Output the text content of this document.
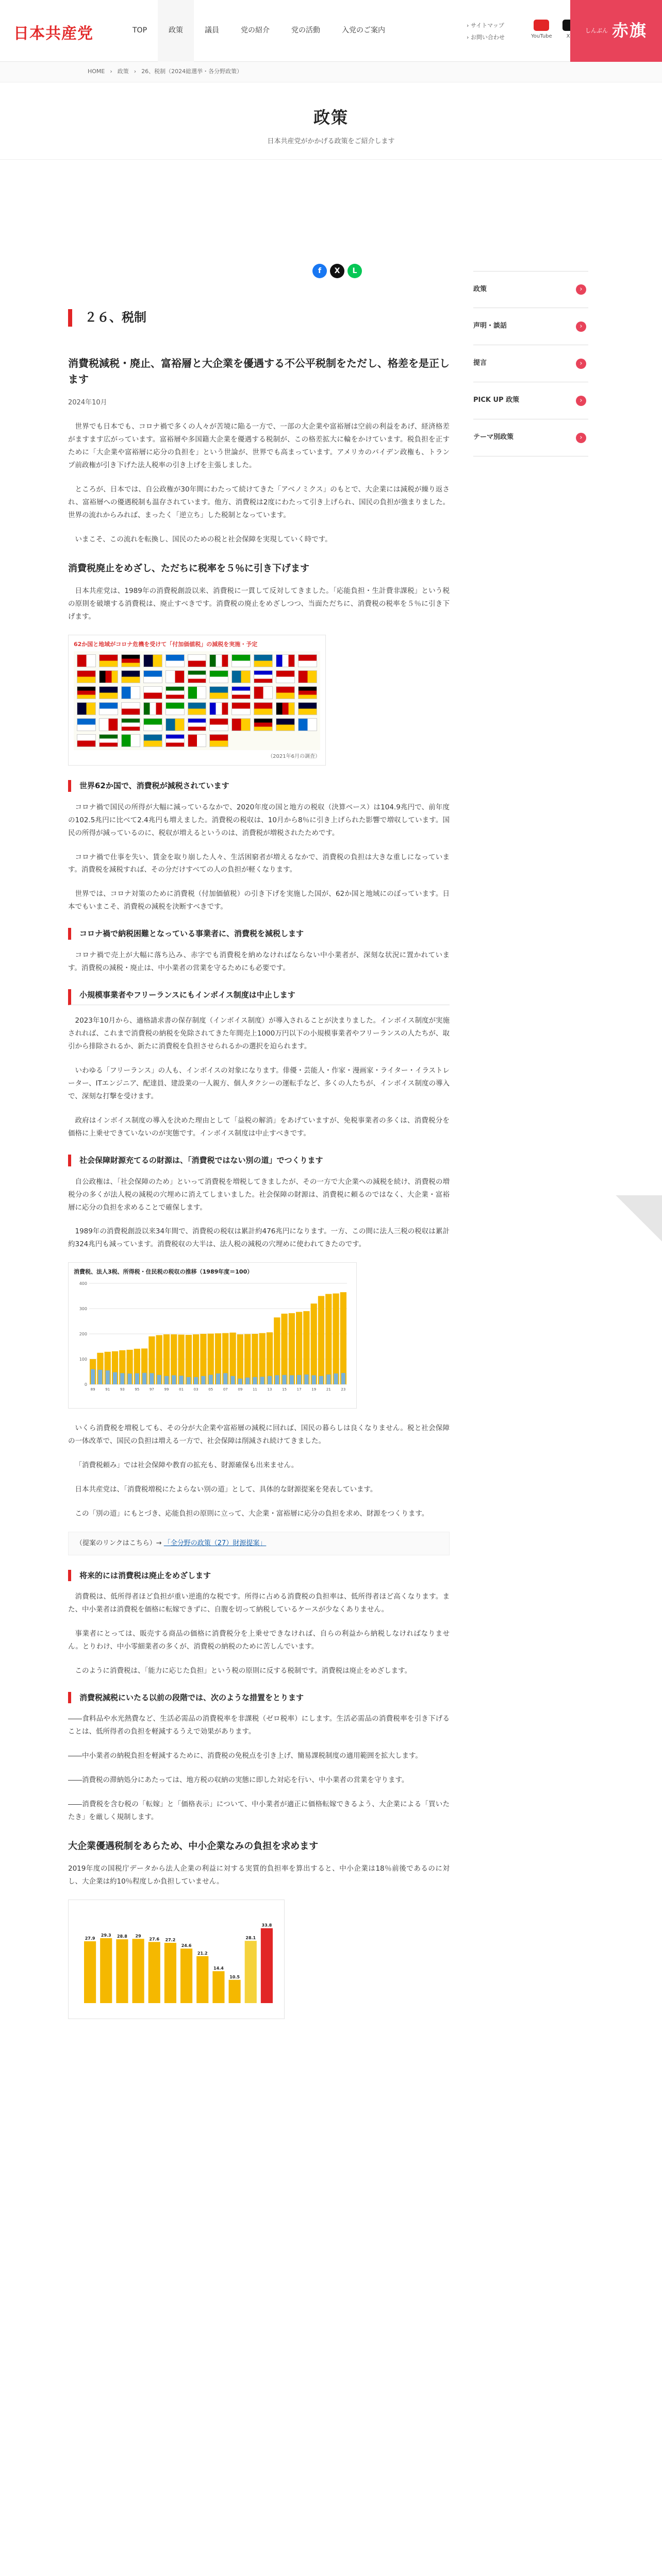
日本共産党	TOP	政策	議員	党の紹介	党の活動	入党のご案内
› サイトマップ
› お問い合わせ	YouTube	X
しんぶん 赤旗
HOME › 政策 › 26、税制（2024総選挙・各分野政策）
政策

日本共産党がかかげる政策をご紹介します

f	X	L
政策	›
声明・談話	›
提言	›
PICK UP 政策	›
テーマ別政策	›
２６、税制
消費税減税・廃止、富裕層と大企業を優遇する不公平税制をただし、格差を是正します
2024年10月

世界でも日本でも、コロナ禍で多くの人々が苦境に陥る一方で、一部の大企業や富裕層は空前の利益をあげ、経済格差がますます広がっています。富裕層や多国籍大企業を優遇する税制が、この格差拡大に輪をかけています。税負担を正すために「大企業や富裕層に応分の負担を」という世論が、世界でも高まっています。アメリカのバイデン政権も、トランプ前政権が引き下げた法人税率の引き上げを主張しました。

ところが、日本では、自公政権が30年間にわたって続けてきた「アベノミクス」のもとで、大企業には減税が繰り返され、富裕層への優遇税制も温存されています。他方、消費税は2度にわたって引き上げられ、国民の負担が強まりました。世界の流れからみれば、まったく「逆立ち」した税制となっています。

いまこそ、この流れを転換し、国民のための税と社会保障を実現していく時です。

消費税廃止をめざし、ただちに税率を５％に引き下げます

日本共産党は、1989年の消費税創設以来、消費税に一貫して反対してきました。「応能負担・生計費非課税」という税の原則を破壊する消費税は、廃止すべきです。消費税の廃止をめざしつつ、当面ただちに、消費税の税率を５％に引き下げます。

62か国と地域がコロナ危機を受けて「付加価値税」の減税を実施・予定
（2021年6月の調査）
世界62か国で、消費税が減税されています

コロナ禍で国民の所得が大幅に減っているなかで、2020年度の国と地方の税収（決算ベース）は104.9兆円で、前年度の102.5兆円に比べて2.4兆円も増えました。消費税の税収は、10月から8％に引き上げられた影響で増収しています。国民の所得が減っているのに、税収が増えるというのは、消費税が増税されたためです。

コロナ禍で仕事を失い、賃金を取り崩した人々、生活困窮者が増えるなかで、消費税の負担は大きな重しになっています。消費税を減税すれば、その分だけすべての人の負担が軽くなります。

世界では、コロナ対策のために消費税（付加価値税）の引き下げを実施した国が、62か国と地域にのぼっています。日本でもいまこそ、消費税の減税を決断すべきです。

コロナ禍で納税困難となっている事業者に、消費税を減税します

コロナ禍で売上が大幅に落ち込み、赤字でも消費税を納めなければならない中小業者が、深刻な状況に置かれています。消費税の減税・廃止は、中小業者の営業を守るためにも必要です。

小規模事業者やフリーランスにもインボイス制度は中止します

2023年10月から、適格請求書の保存制度（インボイス制度）が導入されることが決まりました。インボイス制度が実施されれば、これまで消費税の納税を免除されてきた年間売上1000万円以下の小規模事業者やフリーランスの人たちが、取引から排除されるか、新たに消費税を負担させられるかの選択を迫られます。

いわゆる「フリーランス」の人も、インボイスの対象になります。俳優・芸能人・作家・漫画家・ライター・イラストレーター、ITエンジニア、配達員、建設業の一人親方、個人タクシーの運転手など、多くの人たちが、インボイス制度の導入で、深刻な打撃を受けます。

政府はインボイス制度の導入を決めた理由として「益税の解消」をあげていますが、免税事業者の多くは、消費税分を価格に上乗せできていないのが実態です。インボイス制度は中止すべきです。

社会保障財源充てるの財源は、「消費税ではない別の道」でつくります

自公政権は、「社会保障のため」といって消費税を増税してきましたが、その一方で大企業への減税を続け、消費税の増税分の多くが法人税の減税の穴埋めに消えてしまいました。社会保障の財源は、消費税に頼るのではなく、大企業・富裕層に応分の負担を求めることで確保します。

1989年の消費税創設以来34年間で、消費税の税収は累計約476兆円になります。一方、この間に法人三税の税収は累計約324兆円も減っています。消費税収の大半は、法人税の減税の穴埋めに使われてきたのです。

消費税、法人3税、所得税・住民税の税収の推移（1989年度＝100）
0
100
200
300
400
89	91	93	95	97	99	01	03	05	07	09	11	13	15	17	19	21	23

いくら消費税を増税しても、その分が大企業や富裕層の減税に回れば、国民の暮らしは良くなりません。税と社会保障の一体改革で、国民の負担は増える一方で、社会保障は削減され続けてきました。

「消費税頼み」では社会保障や教育の拡充も、財源確保も出来ません。

日本共産党は、「消費税増税にたよらない別の道」として、具体的な財源提案を発表しています。

この「別の道」にもとづき、応能負担の原則に立って、大企業・富裕層に応分の負担を求め、財源をつくります。

（提案のリンクはこちら）→ 「全分野の政策（27）財源提案」
将来的には消費税は廃止をめざします

消費税は、低所得者ほど負担が重い逆進的な税です。所得に占める消費税の負担率は、低所得者ほど高くなります。また、中小業者は消費税を価格に転嫁できずに、自腹を切って納税しているケースが少なくありません。

事業者にとっては、販売する商品の価格に消費税分を上乗せできなければ、自らの利益から納税しなければなりません。とりわけ、中小零細業者の多くが、消費税の納税のために苦しんでいます。

このように消費税は、「能力に応じた負担」という税の原則に反する税制です。消費税は廃止をめざします。

消費税減税にいたる以前の段階では、次のような措置をとります

――食料品や水光熱費など、生活必需品の消費税率を非課税（ゼロ税率）にします。生活必需品の消費税率を引き下げることは、低所得者の負担を軽減するうえで効果があります。

――中小業者の納税負担を軽減するために、消費税の免税点を引き上げ、簡易課税制度の適用範囲を拡大します。

――消費税の滞納処分にあたっては、地方税の収納の実態に即した対応を行い、中小業者の営業を守ります。

――消費税を含む税の「転嫁」と「価格表示」について、中小業者が適正に価格転嫁できるよう、大企業による「買いたたき」を厳しく規制します。

大企業優遇税制をあらため、中小企業なみの負担を求めます

2019年度の国税庁データから法人企業の利益に対する実質的負担率を算出すると、中小企業は18％前後であるのに対し、大企業は約10％程度しか負担していません。

27.9
29.3 28.8 29
27.6 27.2
24.6
21.2
14.4
10.5
28.1
33.8
